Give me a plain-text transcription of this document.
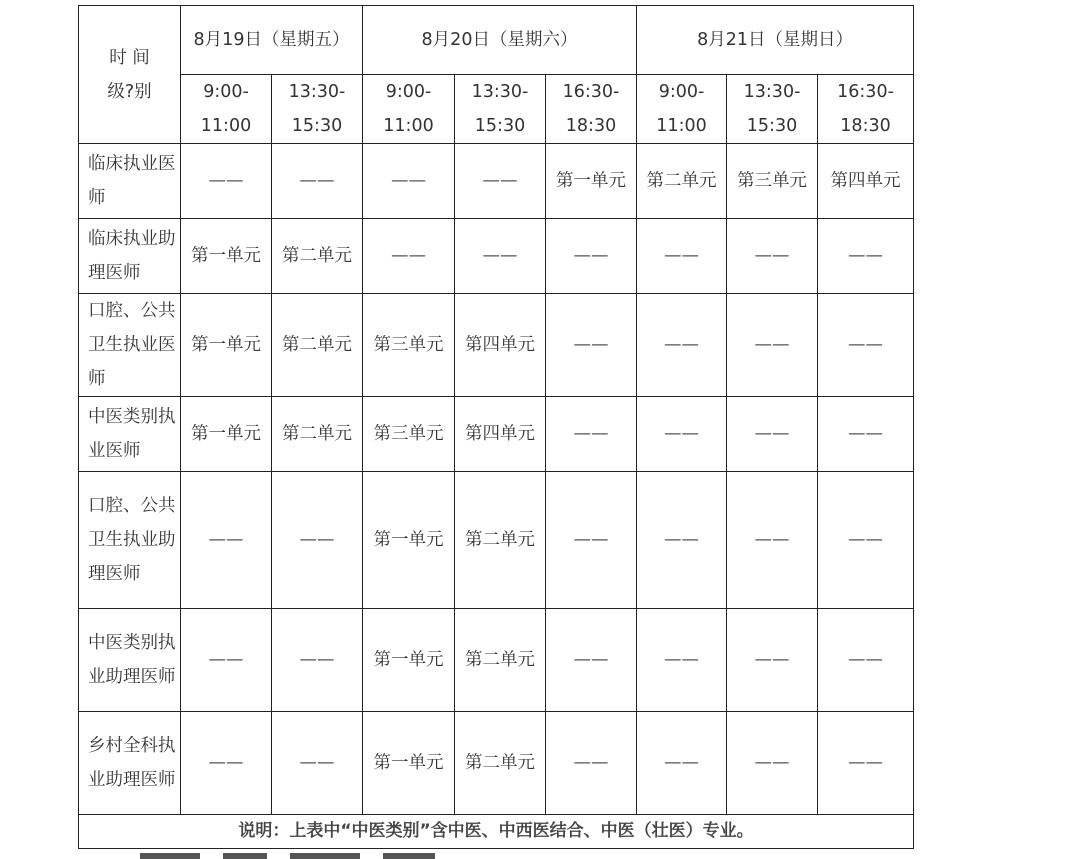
时 间
级?别	8月19日（星期五）		8月20日（星期六）			8月21日（星期日）		
	9:00-11:00	13:30-15:30	9:00-11:00	13:30-15:30	16:30-18:30	9:00-11:00	13:30-15:30	16:30-18:30
临床执业医师	——	——	——	——	第一单元	第二单元	第三单元	第四单元
临床执业助理医师	第一单元	第二单元	——	——	——	——	——	——
口腔、公共卫生执业医师	第一单元	第二单元	第三单元	第四单元	——	——	——	——
中医类别执业医师	第一单元	第二单元	第三单元	第四单元	——	——	——	——
口腔、公共卫生执业助理医师	——	——	第一单元	第二单元	——	——	——	——
中医类别执业助理医师	——	——	第一单元	第二单元	——	——	——	——
乡村全科执业助理医师	——	——	第一单元	第二单元	——	——	——	——
说明：上表中“中医类别”含中医、中西医结合、中医（壮医）专业。								
